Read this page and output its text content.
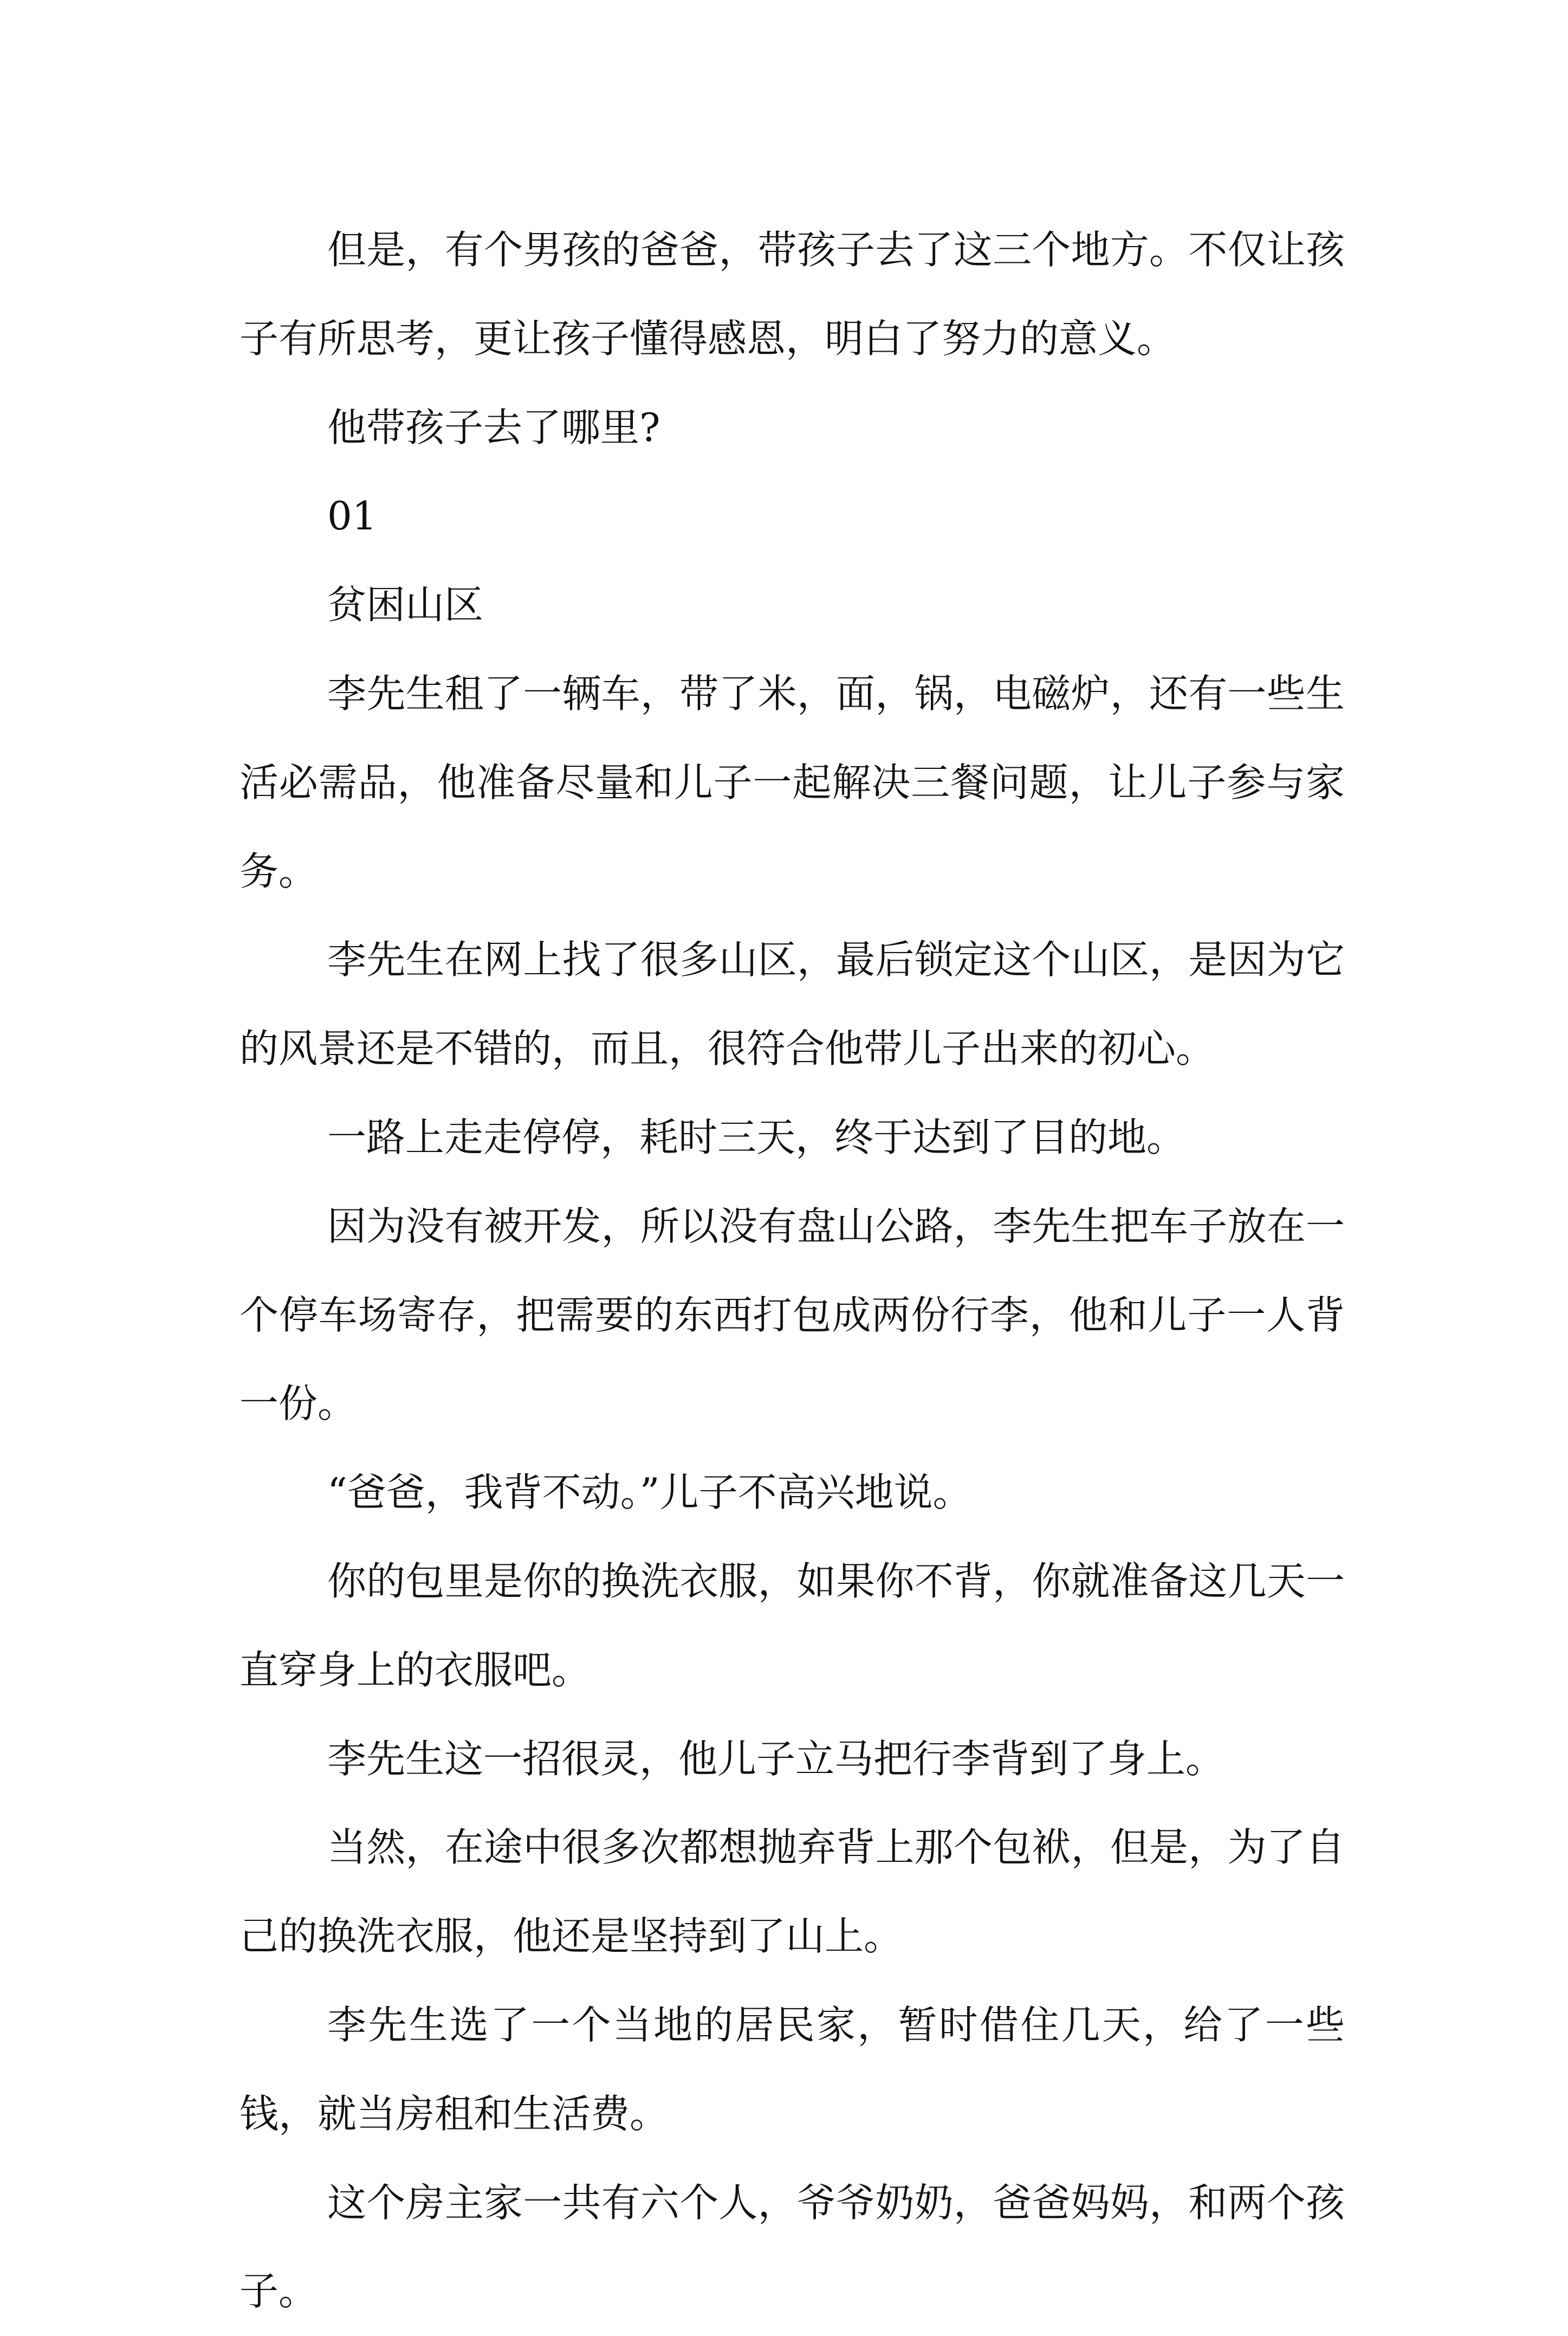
但是，有个男孩的爸爸，带孩子去了这三个地方。不仅让孩子有所思考，更让孩子懂得感恩，明白了努力的意义。

他带孩子去了哪里?

01

贫困山区

李先生租了一辆车，带了米，面，锅，电磁炉，还有一些生活必需品，他准备尽量和儿子一起解决三餐问题，让儿子参与家务。

李先生在网上找了很多山区，最后锁定这个山区，是因为它的风景还是不错的，而且，很符合他带儿子出来的初心。

一路上走走停停，耗时三天，终于达到了目的地。

因为没有被开发，所以没有盘山公路，李先生把车子放在一个停车场寄存，把需要的东西打包成两份行李，他和儿子一人背一份。

“爸爸，我背不动。”儿子不高兴地说。

你的包里是你的换洗衣服，如果你不背，你就准备这几天一直穿身上的衣服吧。

李先生这一招很灵，他儿子立马把行李背到了身上。

当然，在途中很多次都想抛弃背上那个包袱，但是，为了自己的换洗衣服，他还是坚持到了山上。

李先生选了一个当地的居民家，暂时借住几天，给了一些钱，就当房租和生活费。

这个房主家一共有六个人，爷爷奶奶，爸爸妈妈，和两个孩子。
